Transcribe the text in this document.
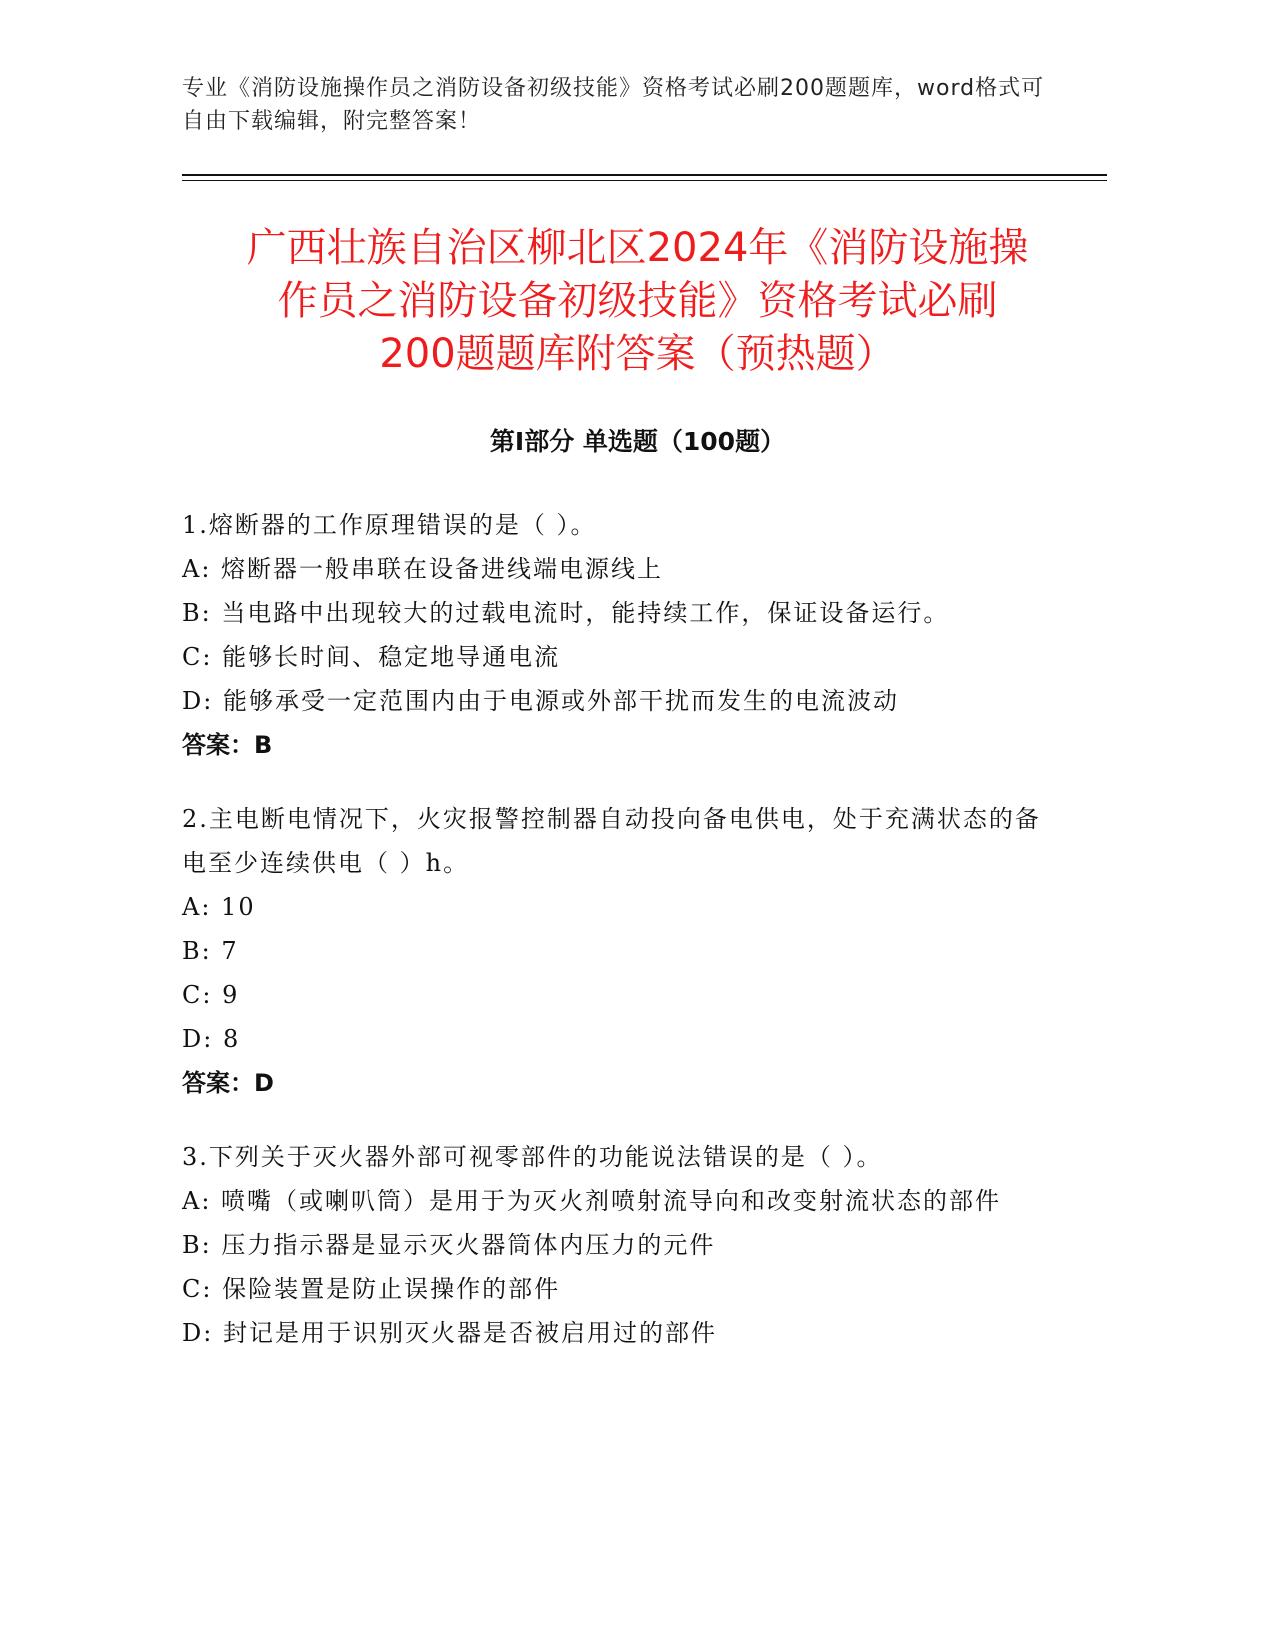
专业《消防设施操作员之消防设备初级技能》资格考试必刷200题题库，word格式可自由下载编辑，附完整答案！
广西壮族自治区柳北区2024年《消防设施操
作员之消防设备初级技能》资格考试必刷
200题题库附答案（预热题）
第I部分 单选题（100题）

1.熔断器的工作原理错误的是（ ）。

A: 熔断器一般串联在设备进线端电源线上

B: 当电路中出现较大的过载电流时，能持续工作，保证设备运行。

C: 能够长时间、稳定地导通电流

D: 能够承受一定范围内由于电源或外部干扰而发生的电流波动

答案：B

2.主电断电情况下，火灾报警控制器自动投向备电供电，处于充满状态的备电至少连续供电（ ）h。

A: 10

B: 7

C: 9

D: 8

答案：D

3.下列关于灭火器外部可视零部件的功能说法错误的是（ ）。

A: 喷嘴（或喇叭筒）是用于为灭火剂喷射流导向和改变射流状态的部件

B: 压力指示器是显示灭火器筒体内压力的元件

C: 保险装置是防止误操作的部件

D: 封记是用于识别灭火器是否被启用过的部件
